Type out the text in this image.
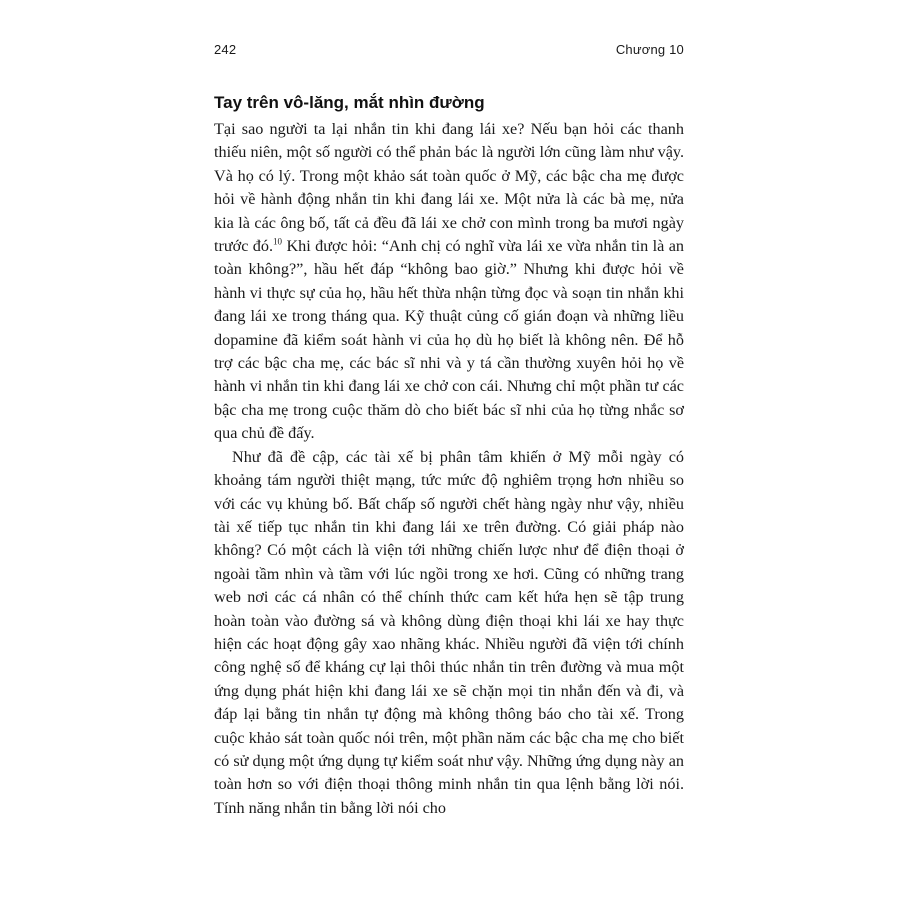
242	Chương 10
Tay trên vô-lăng, mắt nhìn đường

Tại sao người ta lại nhắn tin khi đang lái xe? Nếu bạn hỏi các thanh thiếu niên, một số người có thể phản bác là người lớn cũng làm như vậy. Và họ có lý. Trong một khảo sát toàn quốc ở Mỹ, các bậc cha mẹ được hỏi về hành động nhắn tin khi đang lái xe. Một nửa là các bà mẹ, nửa kia là các ông bố, tất cả đều đã lái xe chở con mình trong ba mươi ngày trước đó.$^{10}$ Khi được hỏi: “Anh chị có nghĩ vừa lái xe vừa nhắn tin là an toàn không?”, hầu hết đáp “không bao giờ.” Nhưng khi được hỏi về hành vi thực sự của họ, hầu hết thừa nhận từng đọc và soạn tin nhắn khi đang lái xe trong tháng qua. Kỹ thuật củng cố gián đoạn và những liều dopamine đã kiểm soát hành vi của họ dù họ biết là không nên. Để hỗ trợ các bậc cha mẹ, các bác sĩ nhi và y tá cần thường xuyên hỏi họ về hành vi nhắn tin khi đang lái xe chở con cái. Nhưng chỉ một phần tư các bậc cha mẹ trong cuộc thăm dò cho biết bác sĩ nhi của họ từng nhắc sơ qua chủ đề đấy.

Như đã đề cập, các tài xế bị phân tâm khiến ở Mỹ mỗi ngày có khoảng tám người thiệt mạng, tức mức độ nghiêm trọng hơn nhiều so với các vụ khủng bố. Bất chấp số người chết hàng ngày như vậy, nhiều tài xế tiếp tục nhắn tin khi đang lái xe trên đường. Có giải pháp nào không? Có một cách là viện tới những chiến lược như để điện thoại ở ngoài tầm nhìn và tầm với lúc ngồi trong xe hơi. Cũng có những trang web nơi các cá nhân có thể chính thức cam kết hứa hẹn sẽ tập trung hoàn toàn vào đường sá và không dùng điện thoại khi lái xe hay thực hiện các hoạt động gây xao nhãng khác. Nhiều người đã viện tới chính công nghệ số để kháng cự lại thôi thúc nhắn tin trên đường và mua một ứng dụng phát hiện khi đang lái xe sẽ chặn mọi tin nhắn đến và đi, và đáp lại bằng tin nhắn tự động mà không thông báo cho tài xế. Trong cuộc khảo sát toàn quốc nói trên, một phần năm các bậc cha mẹ cho biết có sử dụng một ứng dụng tự kiểm soát như vậy. Những ứng dụng này an toàn hơn so với điện thoại thông minh nhắn tin qua lệnh bằng lời nói. Tính năng nhắn tin bằng lời nói cho
